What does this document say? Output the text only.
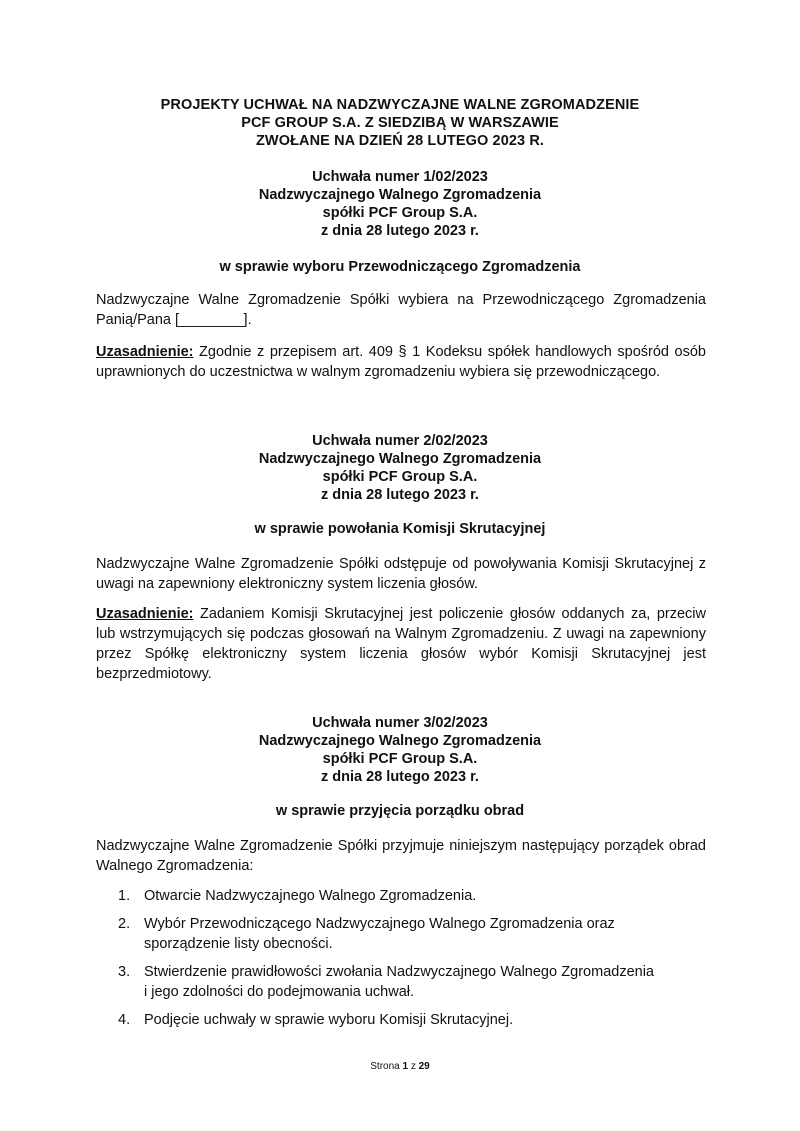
PROJEKTY UCHWAŁ NA NADZWYCZAJNE WALNE ZGROMADZENIE
PCF GROUP S.A. Z SIEDZIBĄ W WARSZAWIE
ZWOŁANE NA DZIEŃ 28 LUTEGO 2023 R.
Uchwała numer 1/02/2023
Nadzwyczajnego Walnego Zgromadzenia
spółki PCF Group S.A.
z dnia 28 lutego 2023 r.
w sprawie wyboru Przewodniczącego Zgromadzenia
Nadzwyczajne Walne Zgromadzenie Spółki wybiera na Przewodniczącego Zgromadzenia Panią/Pana [________].
Uzasadnienie: Zgodnie z przepisem art. 409 § 1 Kodeksu spółek handlowych spośród osób uprawnionych do uczestnictwa w walnym zgromadzeniu wybiera się przewodniczącego.
Uchwała numer 2/02/2023
Nadzwyczajnego Walnego Zgromadzenia
spółki PCF Group S.A.
z dnia 28 lutego 2023 r.
w sprawie powołania Komisji Skrutacyjnej
Nadzwyczajne Walne Zgromadzenie Spółki odstępuje od powoływania Komisji Skrutacyjnej z uwagi na zapewniony elektroniczny system liczenia głosów.
Uzasadnienie: Zadaniem Komisji Skrutacyjnej jest policzenie głosów oddanych za, przeciw lub wstrzymujących się podczas głosowań na Walnym Zgromadzeniu. Z uwagi na zapewniony przez Spółkę elektroniczny system liczenia głosów wybór Komisji Skrutacyjnej jest bezprzedmiotowy.
Uchwała numer 3/02/2023
Nadzwyczajnego Walnego Zgromadzenia
spółki PCF Group S.A.
z dnia 28 lutego 2023 r.
w sprawie przyjęcia porządku obrad
Nadzwyczajne Walne Zgromadzenie Spółki przyjmuje niniejszym następujący porządek obrad Walnego Zgromadzenia:
1. Otwarcie Nadzwyczajnego Walnego Zgromadzenia.
2. Wybór Przewodniczącego Nadzwyczajnego Walnego Zgromadzenia oraz sporządzenie listy obecności.
3. Stwierdzenie prawidłowości zwołania Nadzwyczajnego Walnego Zgromadzenia i jego zdolności do podejmowania uchwał.
4. Podjęcie uchwały w sprawie wyboru Komisji Skrutacyjnej.
Strona 1 z 29
